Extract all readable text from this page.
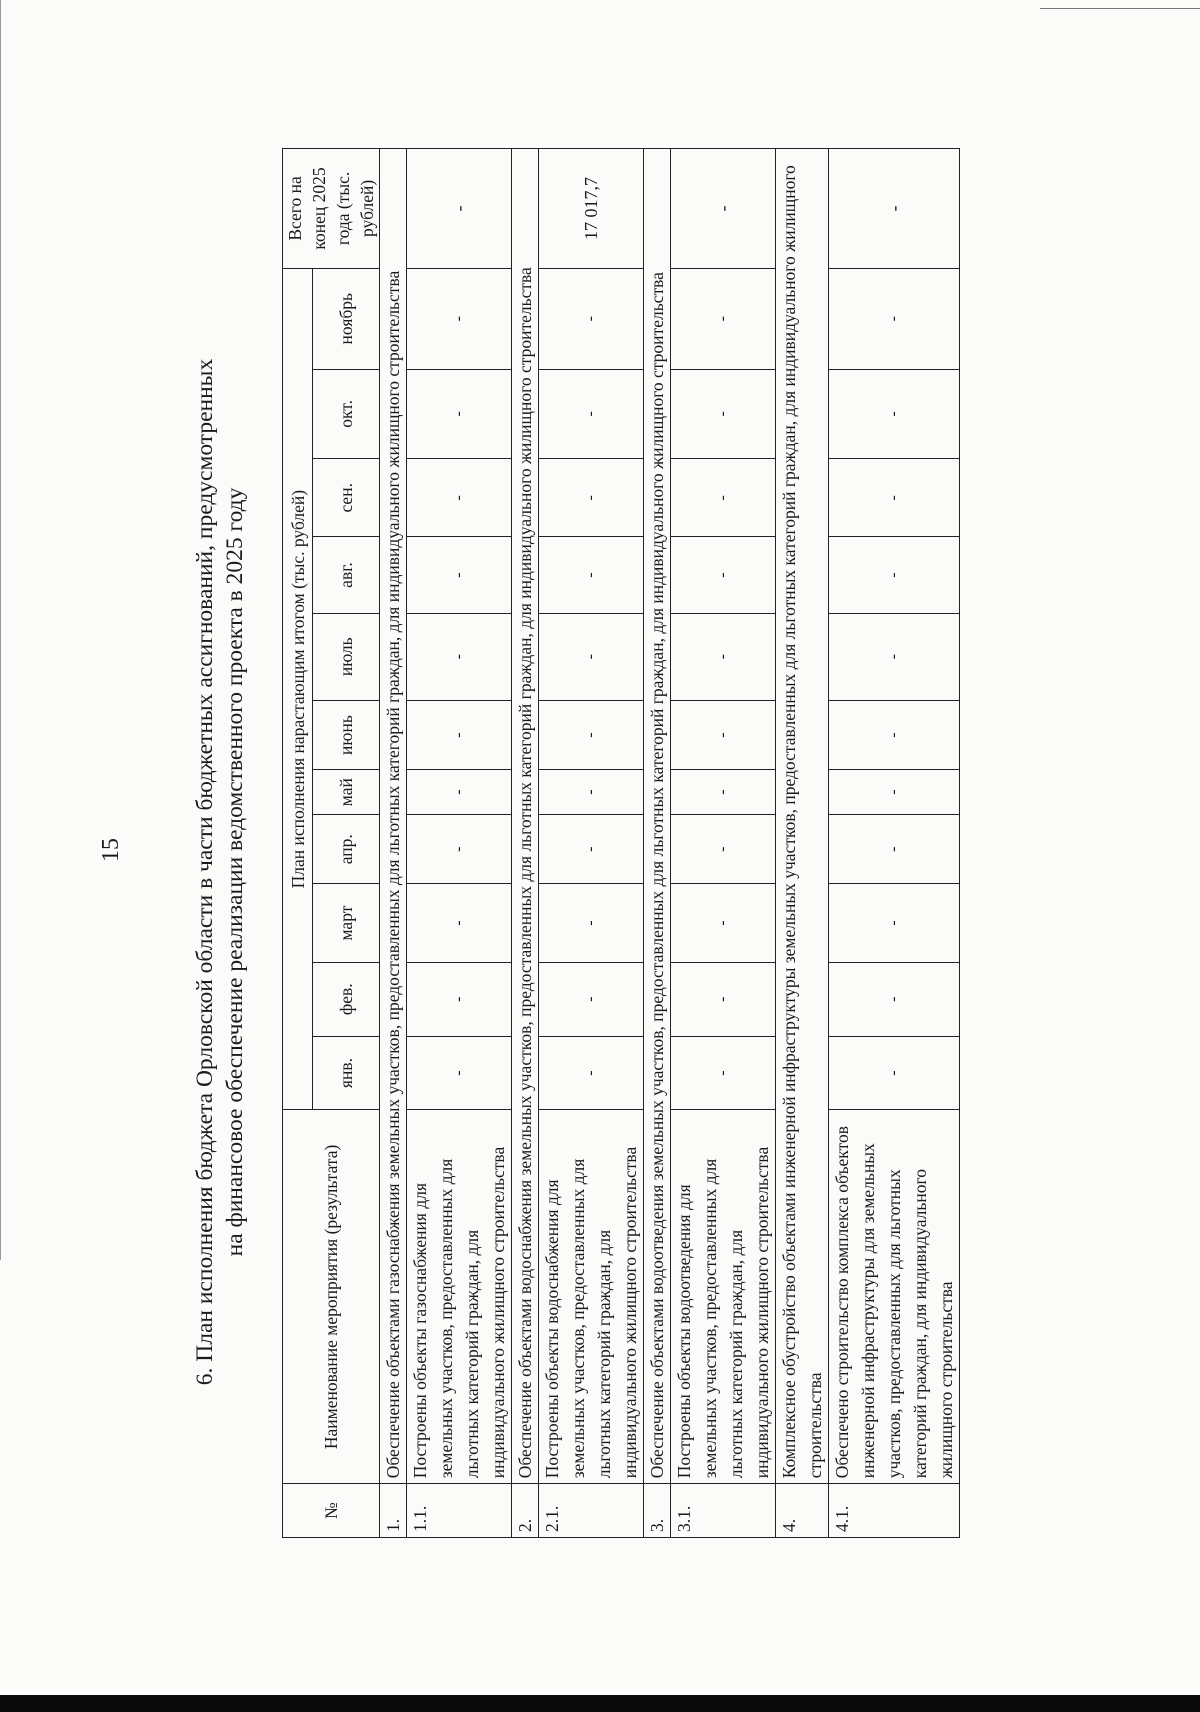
15	6. План исполнения бюджета Орловской области в части бюджетных ассигнований, предусмотренных на финансовое обеспечение реализации ведомственного проекта в 2025 году
№	Наименование мероприятия (результата)	План исполнения нарастающим итогом (тыс. рублей)											Всего на конец 2025 года (тыс. рублей)
		янв.	фев.	март	апр.	май	июнь	июль	авг.	сен.	окт.	ноябрь	
1.	Обеспечение объектами газоснабжения земельных участков, предоставленных для льготных категорий граждан, для индивидуального жилищного строительства												
1.1.	Построены объекты газоснабжения для земельных участков, предоставленных для льготных категорий граждан, для индивидуального жилищного строительства	-	-	-	-	-	-	-	-	-	-	-	-
2.	Обеспечение объектами водоснабжения земельных участков, предоставленных для льготных категорий граждан, для индивидуального жилищного строительства												
2.1.	Построены объекты водоснабжения для земельных участков, предоставленных для льготных категорий граждан, для индивидуального жилищного строительства	-	-	-	-	-	-	-	-	-	-	-	17 017,7
3.	Обеспечение объектами водоотведения земельных участков, предоставленных для льготных категорий граждан, для индивидуального жилищного строительства												
3.1.	Построены объекты водоотведения для земельных участков, предоставленных для льготных категорий граждан, для индивидуального жилищного строительства	-	-	-	-	-	-	-	-	-	-	-	-
4.	Комплексное обустройство объектами инженерной инфраструктуры земельных участков, предоставленных для льготных категорий граждан, для индивидуального жилищного строительства												
4.1.	Обеспечено строительство комплекса объектов инженерной инфраструктуры для земельных участков, предоставленных для льготных категорий граждан, для индивидуального жилищного строительства	-	-	-	-	-	-	-	-	-	-	-	-
